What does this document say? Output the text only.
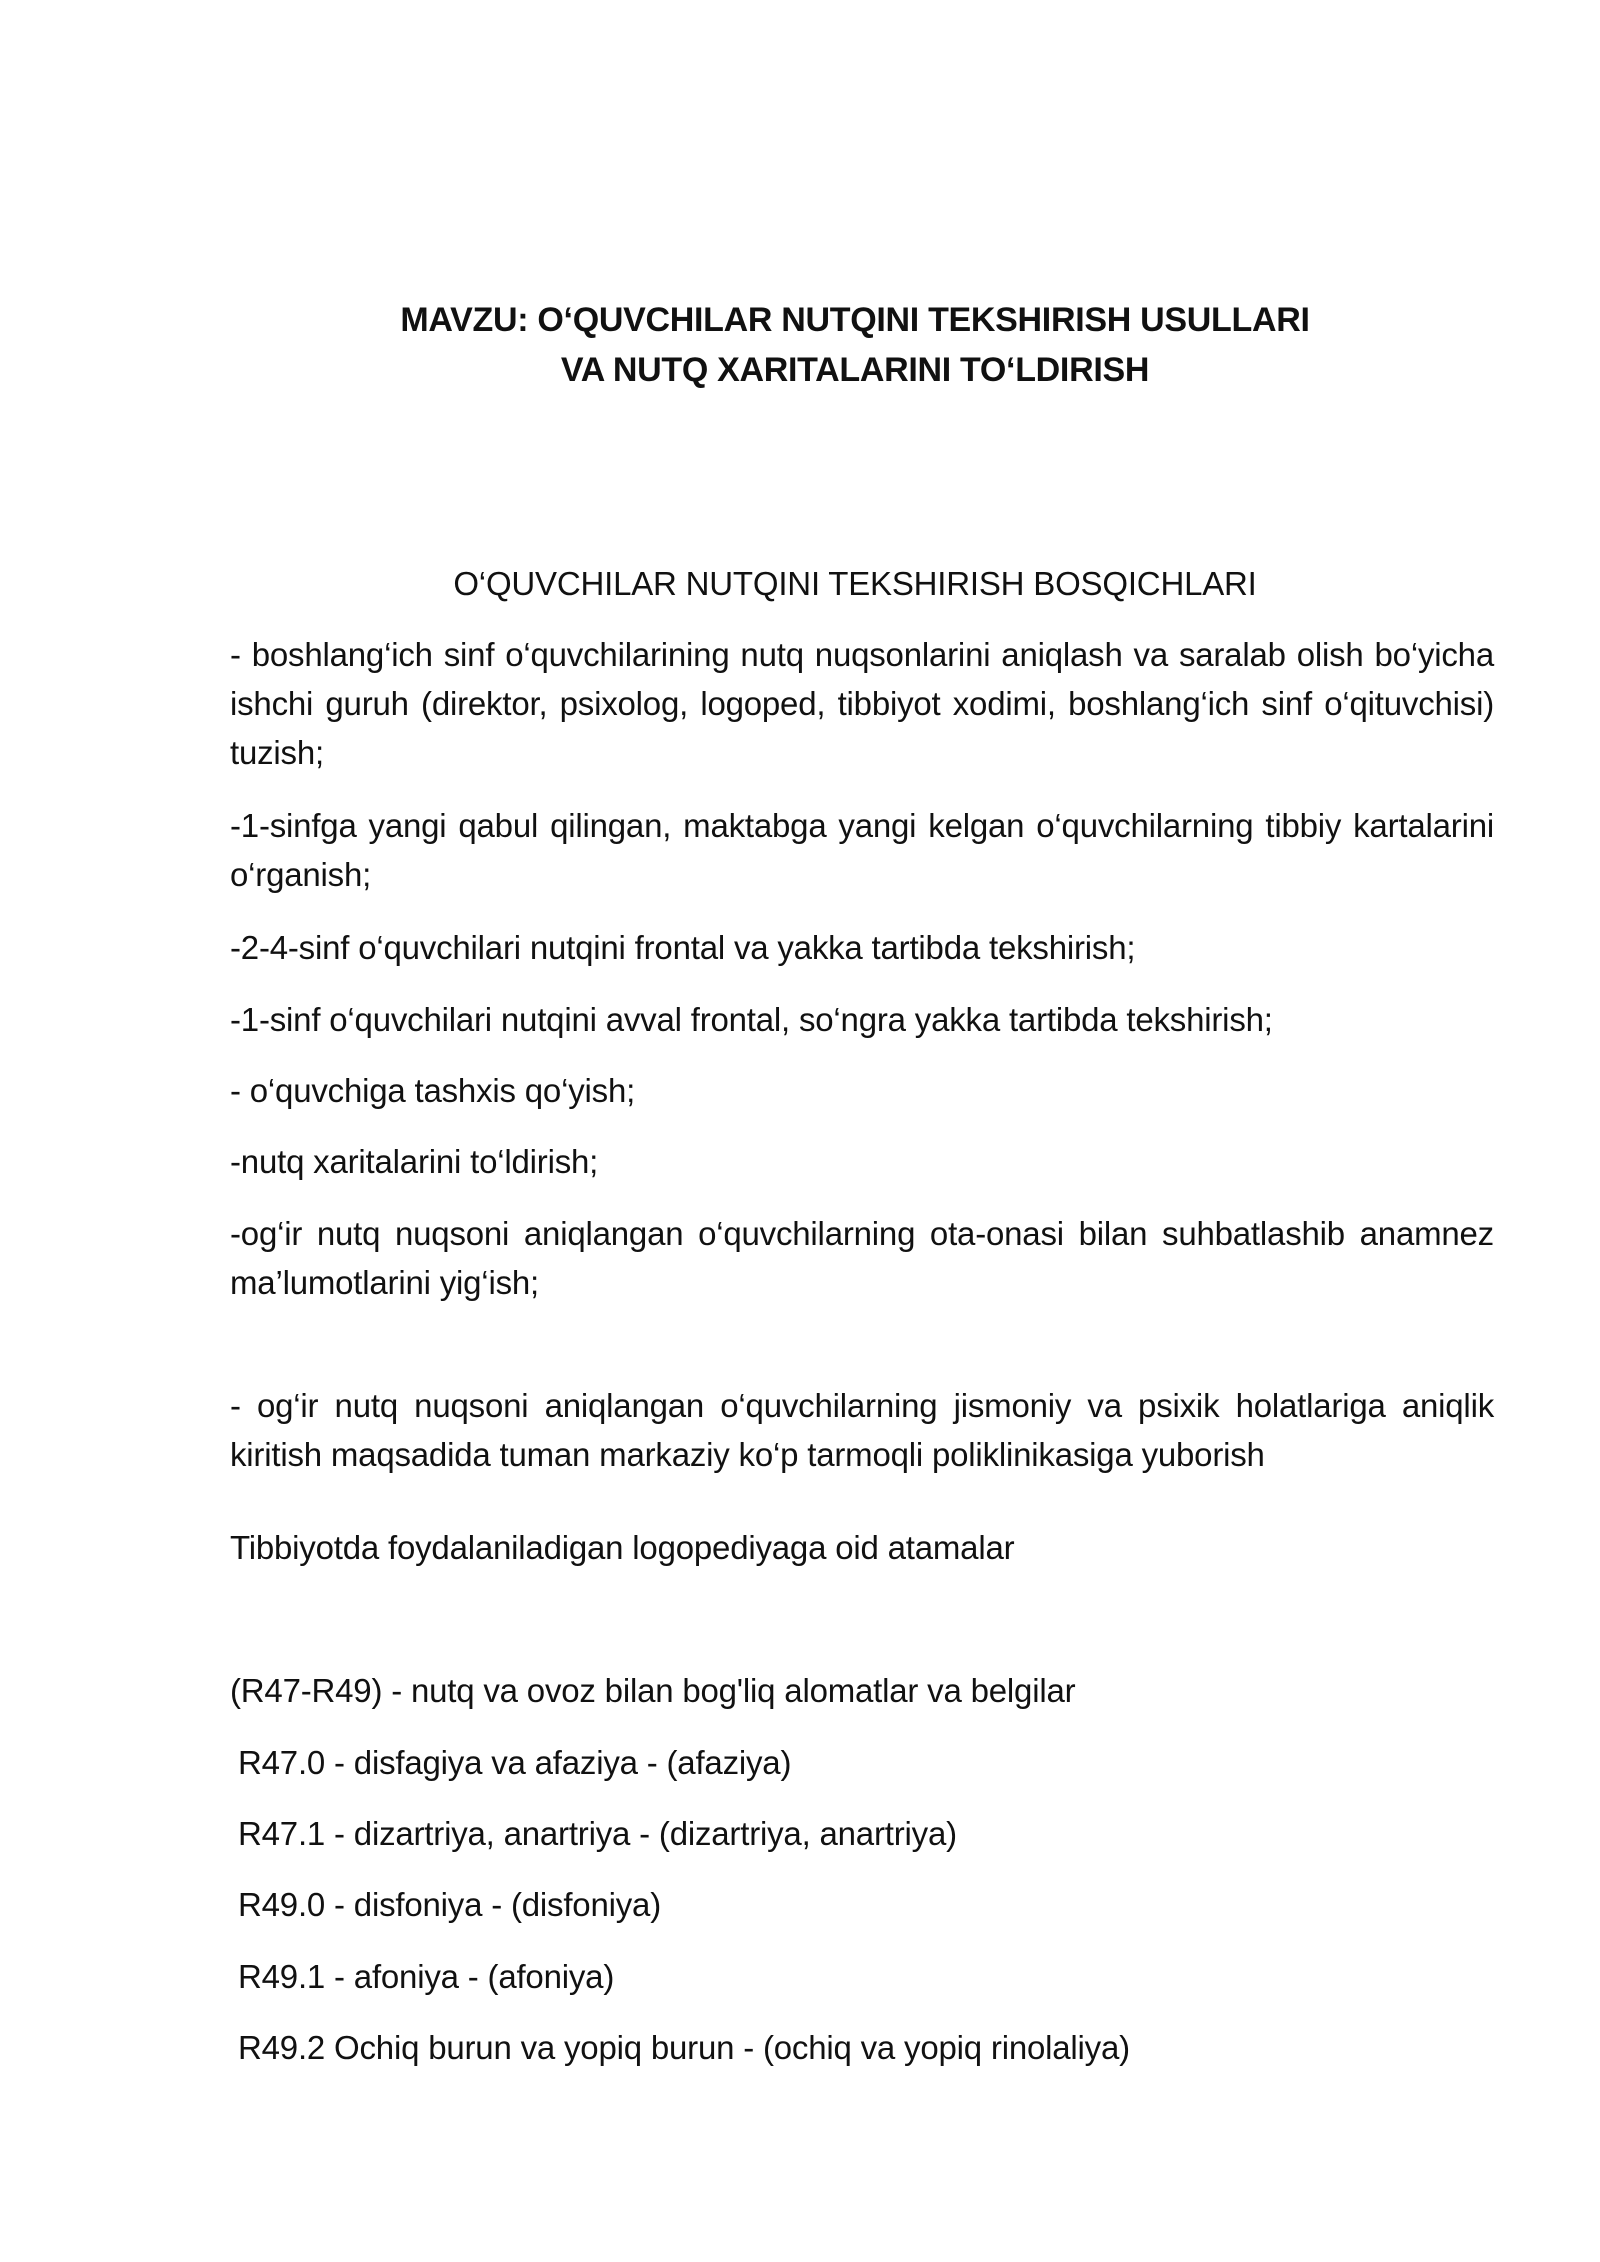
MAVZU: O‘QUVCHILAR NUTQINI TEKSHIRISH USULLARI
VA NUTQ XARITALARINI TO‘LDIRISH
O‘QUVCHILAR NUTQINI TEKSHIRISH BOSQICHLARI
- boshlang‘ich sinf o‘quvchilarining nutq nuqsonlarini aniqlash va saralab olish bo‘yicha ishchi guruh (direktor, psixolog, logoped, tibbiyot xodimi, boshlang‘ich sinf o‘qituvchisi) tuzish;
-1-sinfga yangi qabul qilingan, maktabga yangi kelgan o‘quvchilarning tibbiy kartalarini o‘rganish;
-2-4-sinf o‘quvchilari nutqini frontal va yakka tartibda tekshirish;
-1-sinf o‘quvchilari nutqini avval frontal, so‘ngra yakka tartibda tekshirish;
- o‘quvchiga tashxis qo‘yish;
-nutq xaritalarini to‘ldirish;
-og‘ir nutq nuqsoni aniqlangan o‘quvchilarning ota-onasi bilan suhbatlashib anamnez ma’lumotlarini yig‘ish;
- og‘ir nutq nuqsoni aniqlangan o‘quvchilarning jismoniy va psixik holatlariga aniqlik kiritish maqsadida tuman markaziy ko‘p tarmoqli poliklinikasiga yuborish
Tibbiyotda foydalaniladigan logopediyaga oid atamalar
(R47-R49) - nutq va ovoz bilan bog'liq alomatlar va belgilar
R47.0 - disfagiya va afaziya - (afaziya)
R47.1 - dizartriya, anartriya - (dizartriya, anartriya)
R49.0 - disfoniya - (disfoniya)
R49.1 - afoniya - (afoniya)
R49.2 Ochiq burun va yopiq burun - (ochiq va yopiq rinolaliya)
